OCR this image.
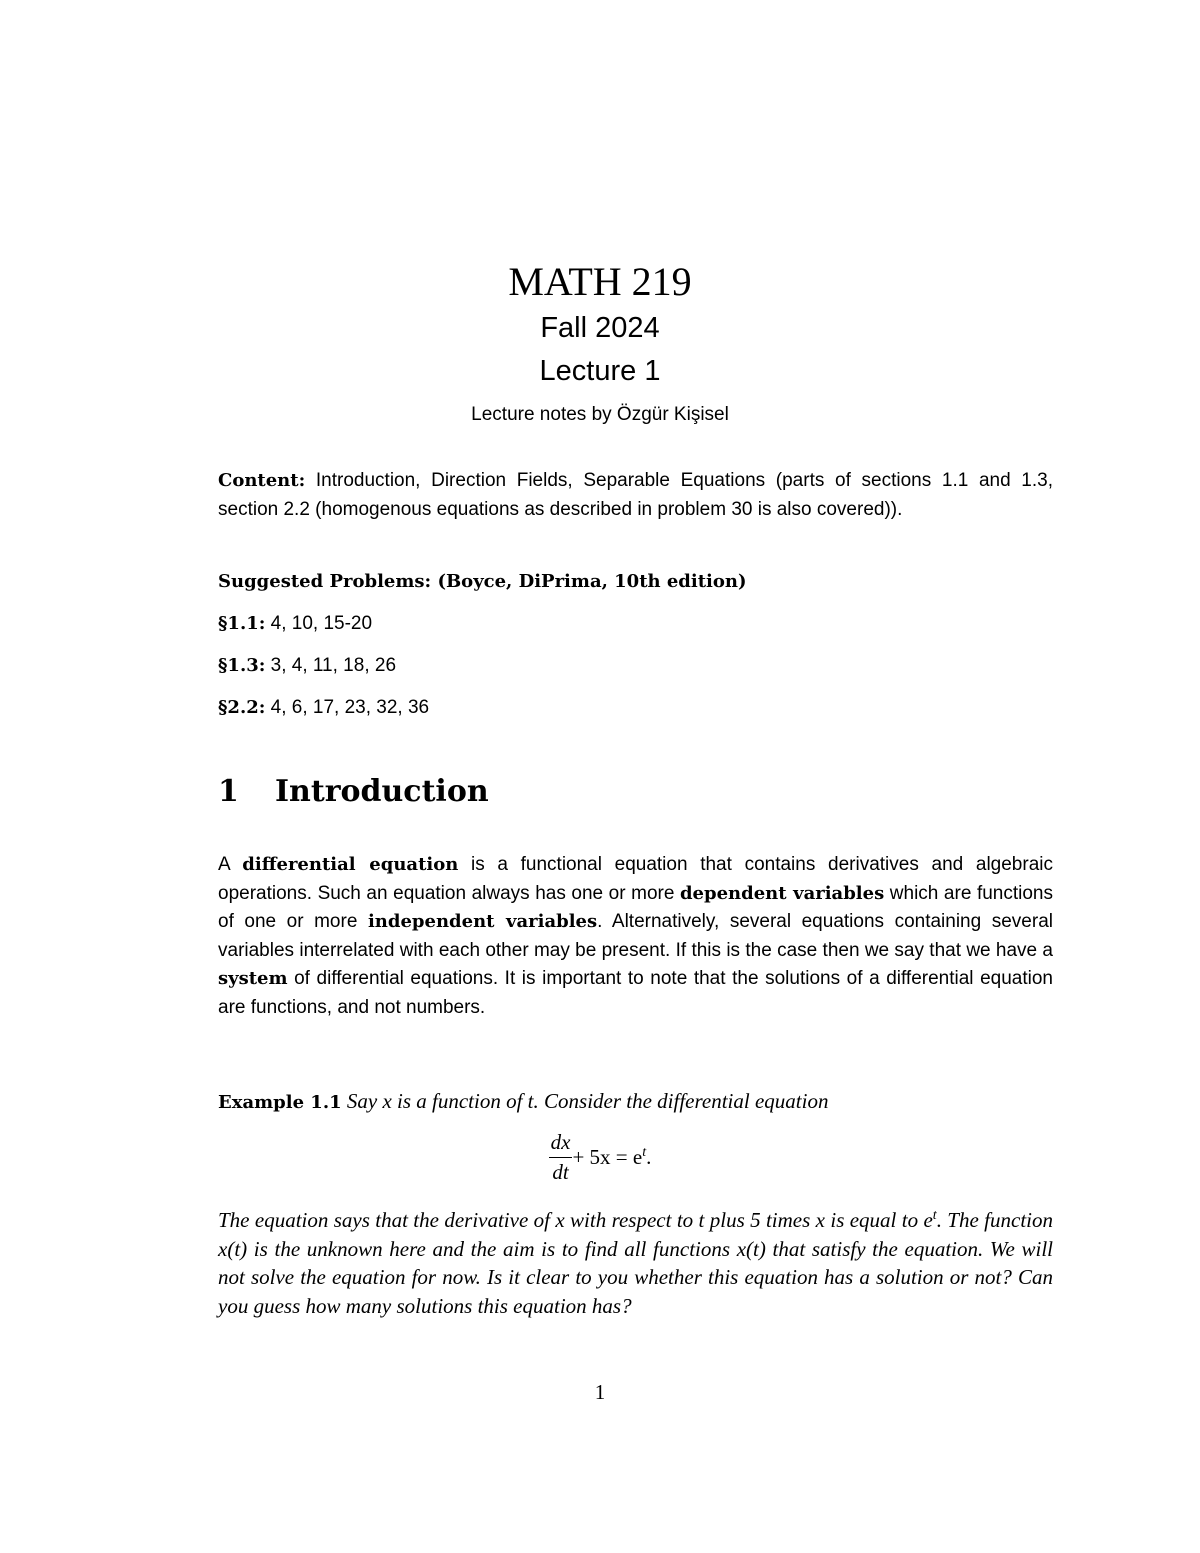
MATH 219
Fall 2024
Lecture 1
Lecture notes by Özgür Kişisel
Content: Introduction, Direction Fields, Separable Equations (parts of sections 1.1 and 1.3, section 2.2 (homogenous equations as described in problem 30 is also covered)).
Suggested Problems: (Boyce, DiPrima, 10th edition)
§1.1: 4, 10, 15-20
§1.3: 3, 4, 11, 18, 26
§2.2: 4, 6, 17, 23, 32, 36
1 Introduction
A differential equation is a functional equation that contains derivatives and algebraic operations. Such an equation always has one or more dependent variables which are functions of one or more independent variables. Alternatively, several equations containing several variables interrelated with each other may be present. If this is the case then we say that we have a system of differential equations. It is important to note that the solutions of a differential equation are functions, and not numbers.
Example 1.1 Say x is a function of t. Consider the differential equation
$\frac{dx}{dt} + 5x = e^t$.
The equation says that the derivative of x with respect to t plus 5 times x is equal to $e^t$. The function x(t) is the unknown here and the aim is to find all functions x(t) that satisfy the equation. We will not solve the equation for now. Is it clear to you whether this equation has a solution or not? Can you guess how many solutions this equation has?
1
